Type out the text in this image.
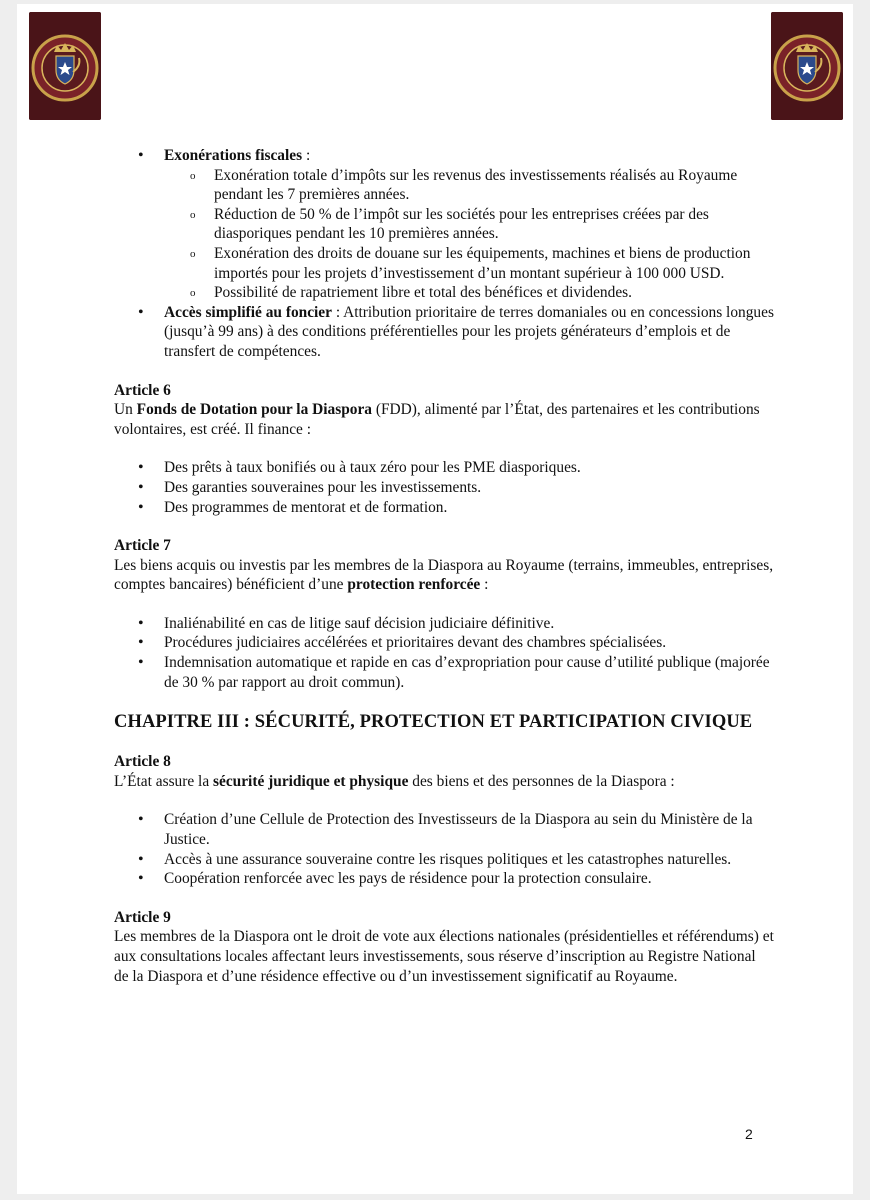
• Exonérations fiscales :
o Exonération totale d’impôts sur les revenus des investissements réalisés au Royaume pendant les 7 premières années.
o Réduction de 50 % de l’impôt sur les sociétés pour les entreprises créées par des diasporiques pendant les 10 premières années.
o Exonération des droits de douane sur les équipements, machines et biens de production importés pour les projets d’investissement d’un montant supérieur à 100 000 USD.
o Possibilité de rapatriement libre et total des bénéfices et dividendes.
• Accès simplifié au foncier : Attribution prioritaire de terres domaniales ou en concessions longues (jusqu’à 99 ans) à des conditions préférentielles pour les projets générateurs d’emplois et de transfert de compétences.

Article 6

Un Fonds de Dotation pour la Diaspora (FDD), alimenté par l’État, des partenaires et les contributions volontaires, est créé. Il finance :

• Des prêts à taux bonifiés ou à taux zéro pour les PME diasporiques.
• Des garanties souveraines pour les investissements.
• Des programmes de mentorat et de formation.

Article 7

Les biens acquis ou investis par les membres de la Diaspora au Royaume (terrains, immeubles, entreprises, comptes bancaires) bénéficient d’une protection renforcée :

• Inaliénabilité en cas de litige sauf décision judiciaire définitive.
• Procédures judiciaires accélérées et prioritaires devant des chambres spécialisées.
• Indemnisation automatique et rapide en cas d’expropriation pour cause d’utilité publique (majorée de 30 % par rapport au droit commun).
CHAPITRE III : SÉCURITÉ, PROTECTION ET PARTICIPATION CIVIQUE

Article 8

L’État assure la sécurité juridique et physique des biens et des personnes de la Diaspora :

• Création d’une Cellule de Protection des Investisseurs de la Diaspora au sein du Ministère de la Justice.
• Accès à une assurance souveraine contre les risques politiques et les catastrophes naturelles.
• Coopération renforcée avec les pays de résidence pour la protection consulaire.

Article 9

Les membres de la Diaspora ont le droit de vote aux élections nationales (présidentielles et référendums) et aux consultations locales affectant leurs investissements, sous réserve d’inscription au Registre National de la Diaspora et d’une résidence effective ou d’un investissement significatif au Royaume.

2
